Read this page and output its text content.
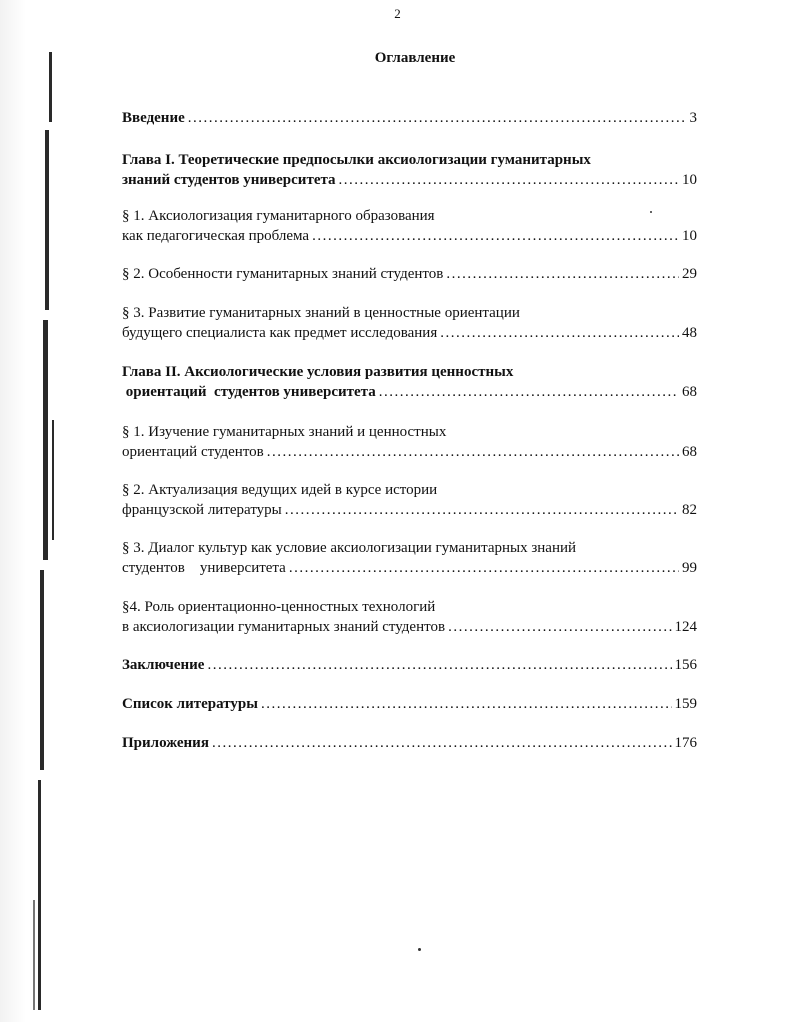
2
Оглавление
Введение .....	3
Глава I. Теоретические предпосылки аксиологизации гуманитарных
знаний студентов университета .....	10
§ 1. Аксиологизация гуманитарного образования
как педагогическая проблема .....	10
§ 2. Особенности гуманитарных знаний студентов .....	29
§ 3. Развитие гуманитарных знаний в ценностные ориентации
будущего специалиста как предмет исследования .....	48
Глава II. Аксиологические условия развития ценностных
ориентаций  студентов университета .....	68
§ 1. Изучение гуманитарных знаний и ценностных
ориентаций студентов .....	68
§ 2. Актуализация ведущих идей в курсе истории
французской литературы .....	82
§ 3. Диалог культур как условие аксиологизации гуманитарных знаний
студентов    университета .....	99
§4. Роль ориентационно-ценностных технологий
в аксиологизации гуманитарных знаний студентов .....	124
Заключение .....	156
Список литературы .....	159
Приложения .....	176
